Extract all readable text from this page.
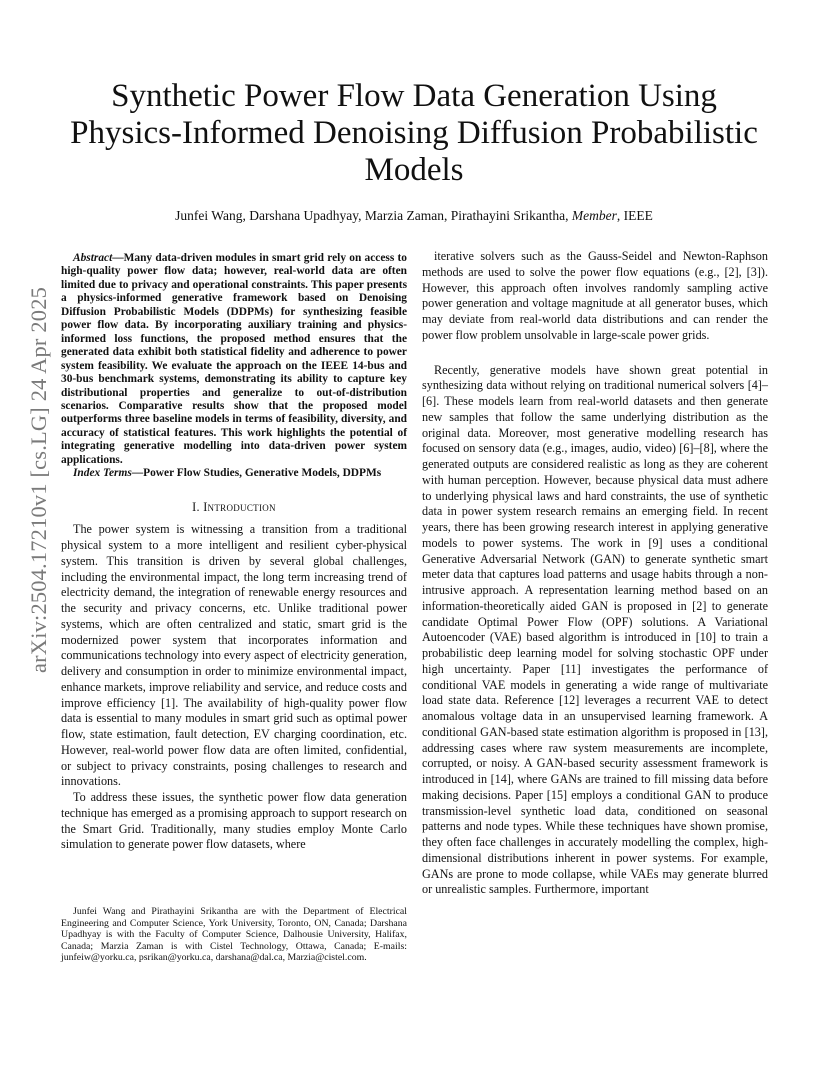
arXiv:2504.17210v1 [cs.LG] 24 Apr 2025
Synthetic Power Flow Data Generation Using
Physics-Informed Denoising Diffusion Probabilistic
Models

Junfei Wang, Darshana Upadhyay, Marzia Zaman, Pirathayini Srikantha, Member, IEEE

Abstract—Many data-driven modules in smart grid rely on access to high-quality power flow data; however, real-world data are often limited due to privacy and operational constraints. This paper presents a physics-informed generative framework based on Denoising Diffusion Probabilistic Models (DDPMs) for synthesizing feasible power flow data. By incorporating auxiliary training and physics-informed loss functions, the proposed method ensures that the generated data exhibit both statistical fidelity and adherence to power system feasibility. We evaluate the approach on the IEEE 14-bus and 30-bus benchmark systems, demonstrating its ability to capture key distributional properties and generalize to out-of-distribution scenarios. Comparative results show that the proposed model outperforms three baseline models in terms of feasibility, diversity, and accuracy of statistical features. This work highlights the potential of integrating generative modelling into data-driven power system applications.

Index Terms—Power Flow Studies, Generative Models, DDPMs

I. Introduction

The power system is witnessing a transition from a traditional physical system to a more intelligent and resilient cyber-physical system. This transition is driven by several global challenges, including the environmental impact, the long term increasing trend of electricity demand, the integration of renewable energy resources and the security and privacy concerns, etc. Unlike traditional power systems, which are often centralized and static, smart grid is the modernized power system that incorporates information and communications technology into every aspect of electricity generation, delivery and consumption in order to minimize environmental impact, enhance markets, improve reliability and service, and reduce costs and improve efficiency [1]. The availability of high-quality power flow data is essential to many modules in smart grid such as optimal power flow, state estimation, fault detection, EV charging coordination, etc. However, real-world power flow data are often limited, confidential, or subject to privacy constraints, posing challenges to research and innovations.

To address these issues, the synthetic power flow data generation technique has emerged as a promising approach to support research on the Smart Grid. Traditionally, many studies employ Monte Carlo simulation to generate power flow datasets, where

Junfei Wang and Pirathayini Srikantha are with the Department of Electrical Engineering and Computer Science, York University, Toronto, ON, Canada; Darshana Upadhyay is with the Faculty of Computer Science, Dalhousie University, Halifax, Canada; Marzia Zaman is with Cistel Technology, Ottawa, Canada; E-mails: junfeiw@yorku.ca, psrikan@yorku.ca, darshana@dal.ca, Marzia@cistel.com.

iterative solvers such as the Gauss-Seidel and Newton-Raphson methods are used to solve the power flow equations (e.g., [2], [3]). However, this approach often involves randomly sampling active power generation and voltage magnitude at all generator buses, which may deviate from real-world data distributions and can render the power flow problem unsolvable in large-scale power grids.

Recently, generative models have shown great potential in synthesizing data without relying on traditional numerical solvers [4]–[6]. These models learn from real-world datasets and then generate new samples that follow the same underlying distribution as the original data. Moreover, most generative modelling research has focused on sensory data (e.g., images, audio, video) [6]–[8], where the generated outputs are considered realistic as long as they are coherent with human perception. However, because physical data must adhere to underlying physical laws and hard constraints, the use of synthetic data in power system research remains an emerging field. In recent years, there has been growing research interest in applying generative models to power systems. The work in [9] uses a conditional Generative Adversarial Network (GAN) to generate synthetic smart meter data that captures load patterns and usage habits through a non-intrusive approach. A representation learning method based on an information-theoretically aided GAN is proposed in [2] to generate candidate Optimal Power Flow (OPF) solutions. A Variational Autoencoder (VAE) based algorithm is introduced in [10] to train a probabilistic deep learning model for solving stochastic OPF under high uncertainty. Paper [11] investigates the performance of conditional VAE models in generating a wide range of multivariate load state data. Reference [12] leverages a recurrent VAE to detect anomalous voltage data in an unsupervised learning framework. A conditional GAN-based state estimation algorithm is proposed in [13], addressing cases where raw system measurements are incomplete, corrupted, or noisy. A GAN-based security assessment framework is introduced in [14], where GANs are trained to fill missing data before making decisions. Paper [15] employs a conditional GAN to produce transmission-level synthetic load data, conditioned on seasonal patterns and node types. While these techniques have shown promise, they often face challenges in accurately modelling the complex, high-dimensional distributions inherent in power systems. For example, GANs are prone to mode collapse, while VAEs may generate blurred or unrealistic samples. Furthermore, important
